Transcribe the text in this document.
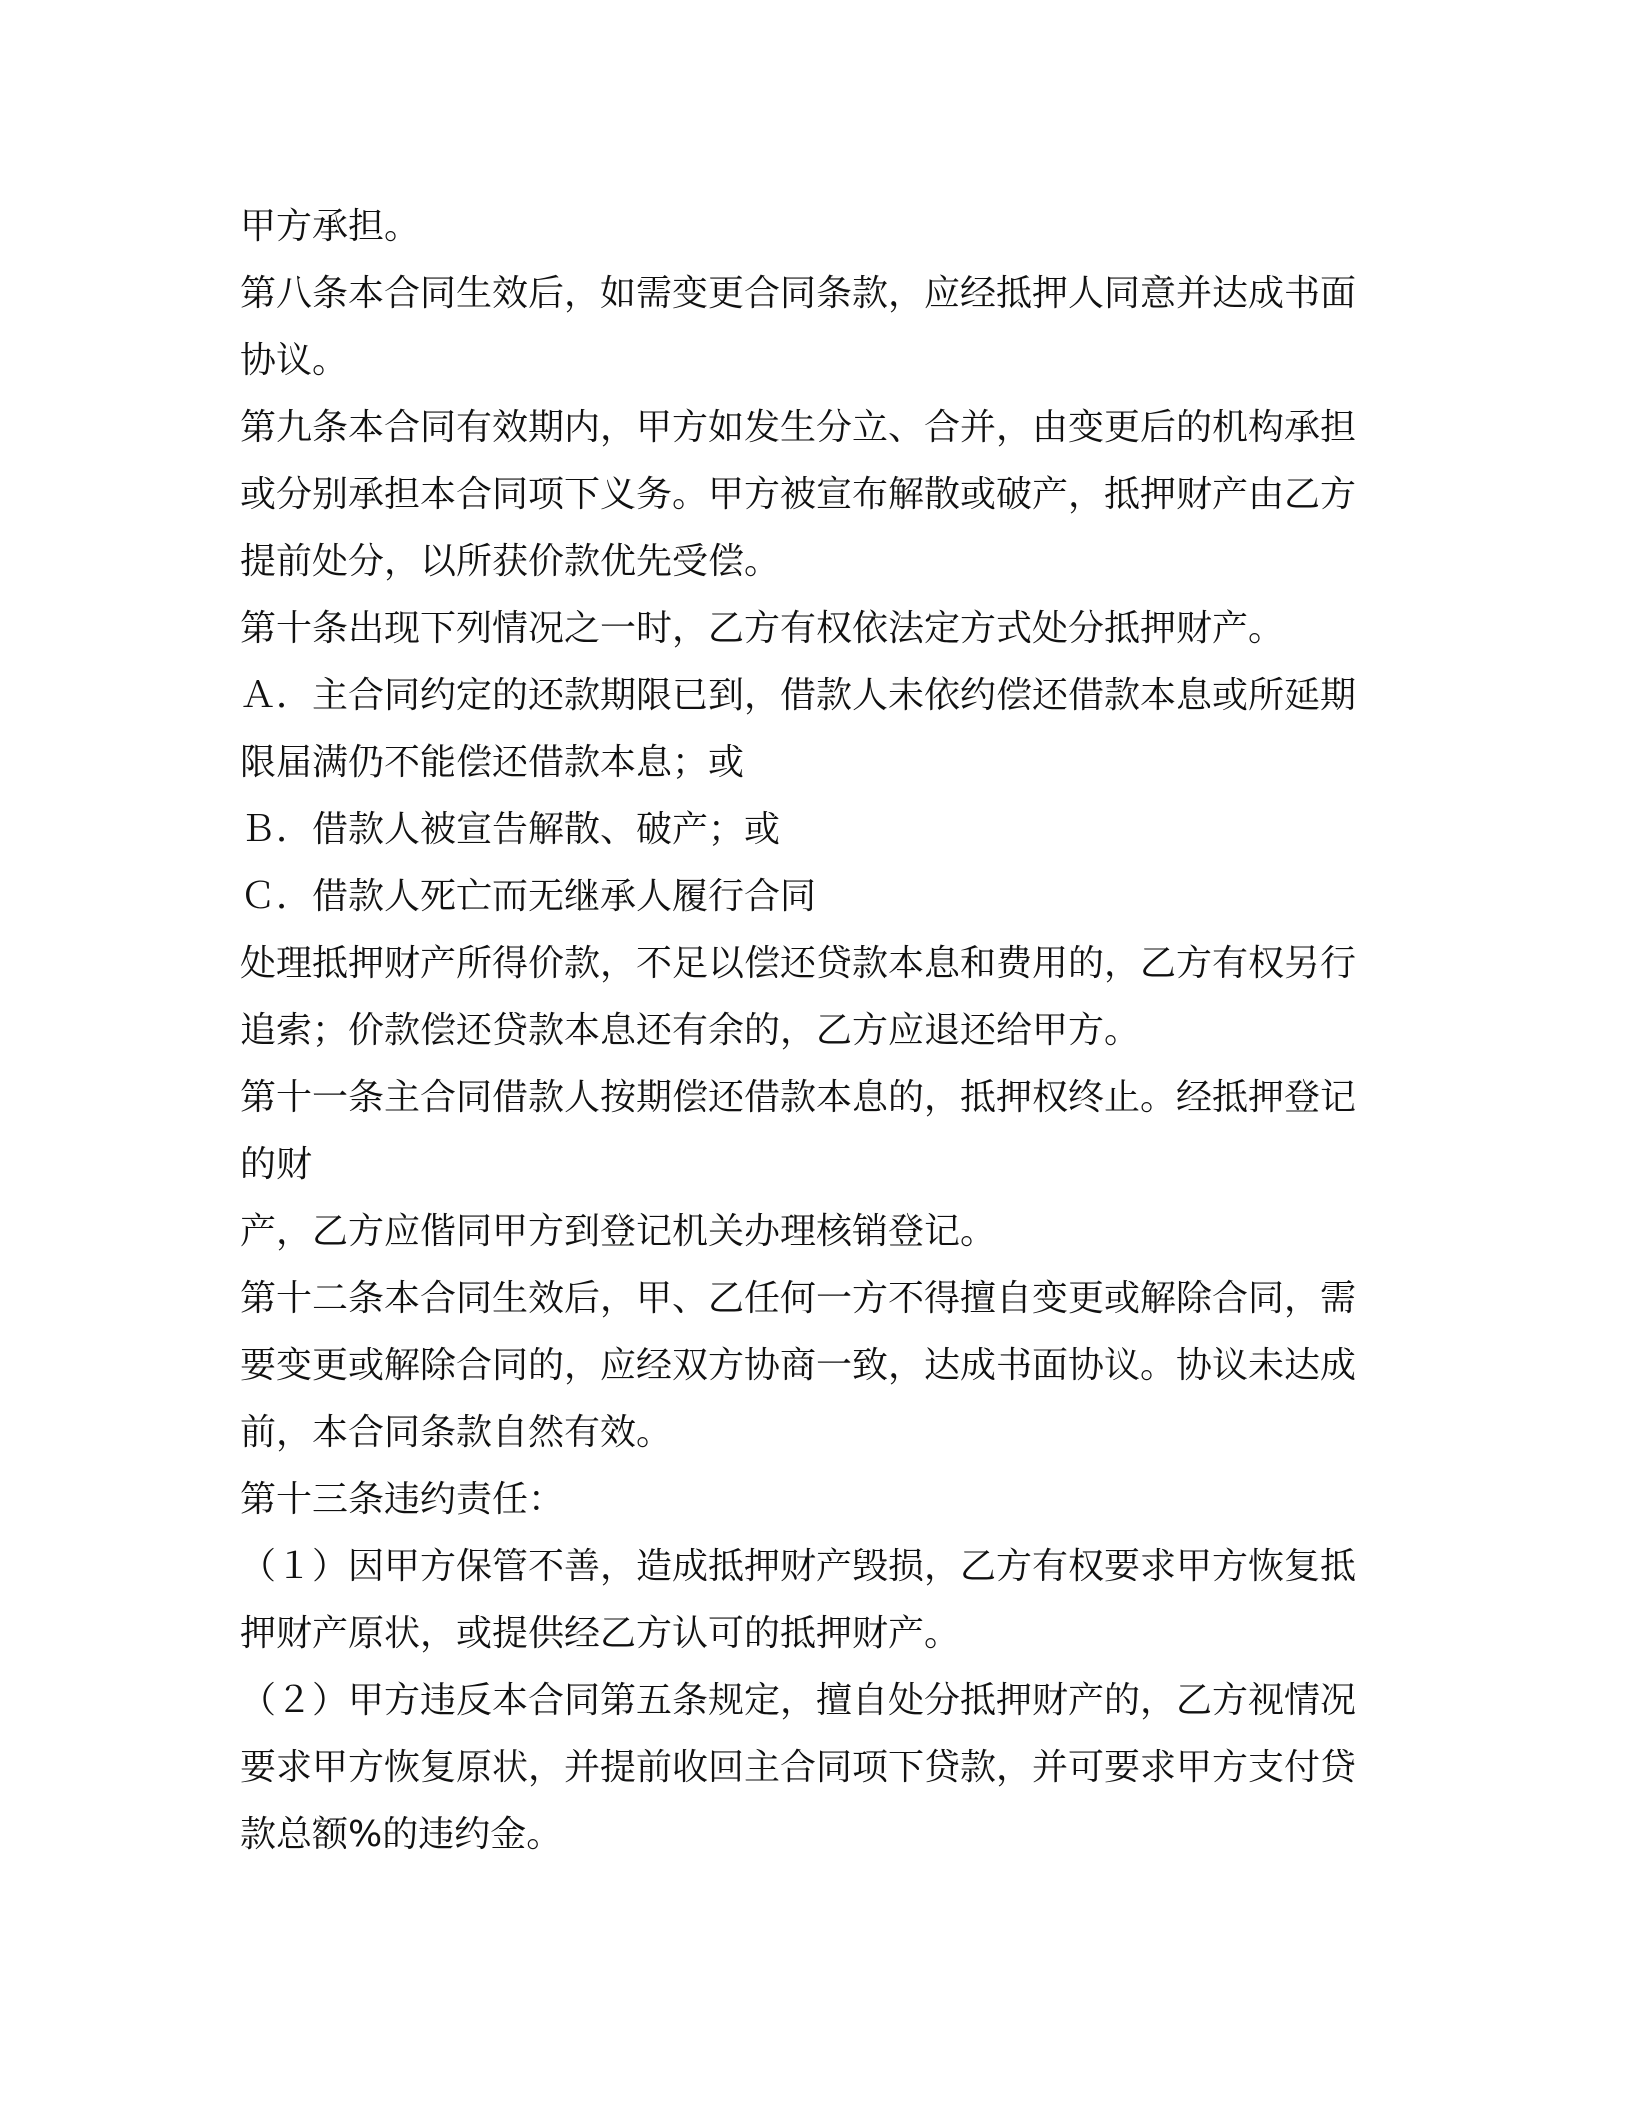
甲方承担。
第八条本合同生效后，如需变更合同条款，应经抵押人同意并达成书面
协议。
第九条本合同有效期内，甲方如发生分立、合并，由变更后的机构承担
或分别承担本合同项下义务。甲方被宣布解散或破产，抵押财产由乙方
提前处分，以所获价款优先受偿。
第十条出现下列情况之一时，乙方有权依法定方式处分抵押财产。
Ａ．主合同约定的还款期限已到，借款人未依约偿还借款本息或所延期
限届满仍不能偿还借款本息；或
Ｂ．借款人被宣告解散、破产；或
Ｃ．借款人死亡而无继承人履行合同
处理抵押财产所得价款，不足以偿还贷款本息和费用的，乙方有权另行
追索；价款偿还贷款本息还有余的，乙方应退还给甲方。
第十一条主合同借款人按期偿还借款本息的，抵押权终止。经抵押登记
的财
产，乙方应偕同甲方到登记机关办理核销登记。
第十二条本合同生效后，甲、乙任何一方不得擅自变更或解除合同，需
要变更或解除合同的，应经双方协商一致，达成书面协议。协议未达成
前，本合同条款自然有效。
第十三条违约责任：
（１）因甲方保管不善，造成抵押财产毁损，乙方有权要求甲方恢复抵
押财产原状，或提供经乙方认可的抵押财产。
（２）甲方违反本合同第五条规定，擅自处分抵押财产的，乙方视情况
要求甲方恢复原状，并提前收回主合同项下贷款，并可要求甲方支付贷
款总额%的违约金。
